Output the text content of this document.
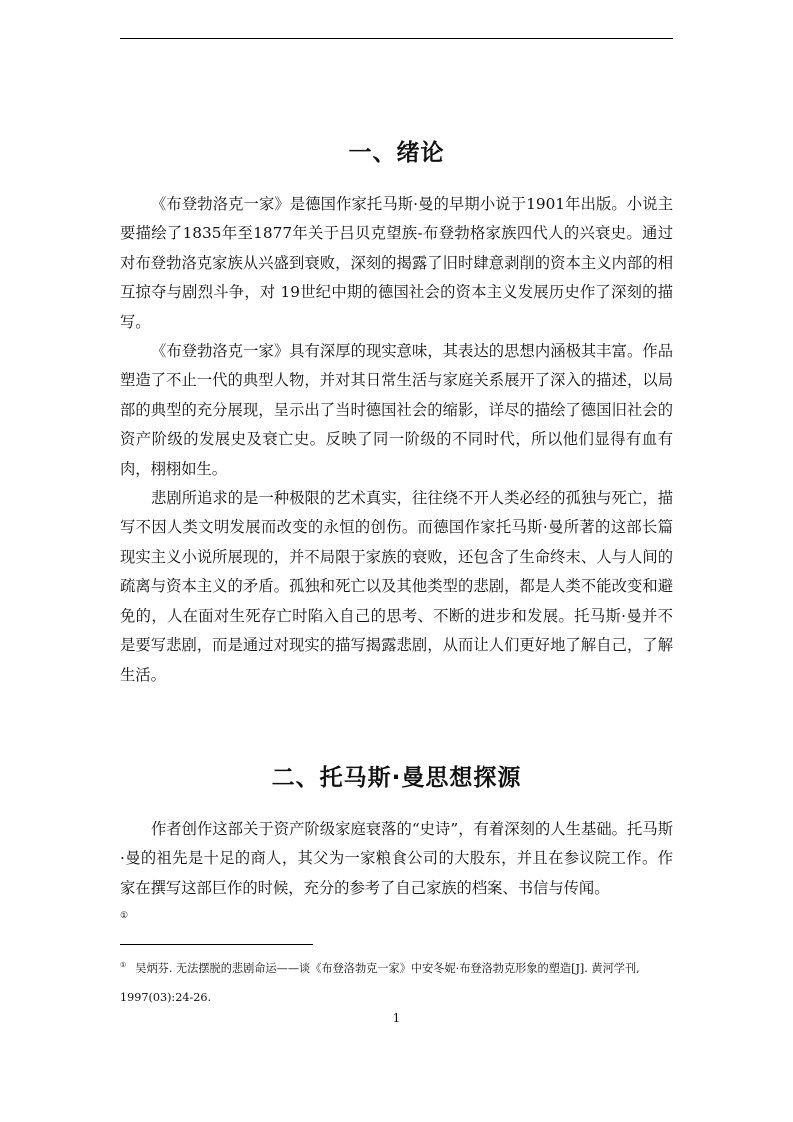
一、绪论

《布登勃洛克一家》是德国作家托马斯·曼的早期小说于1901年出版。小说主要描绘了1835年至1877年关于吕贝克望族-布登勃格家族四代人的兴衰史。通过对布登勃洛克家族从兴盛到衰败，深刻的揭露了旧时肆意剥削的资本主义内部的相互掠夺与剧烈斗争，对 19世纪中期的德国社会的资本主义发展历史作了深刻的描写。

《布登勃洛克一家》具有深厚的现实意味，其表达的思想内涵极其丰富。作品塑造了不止一代的典型人物，并对其日常生活与家庭关系展开了深入的描述，以局部的典型的充分展现，呈示出了当时德国社会的缩影，详尽的描绘了德国旧社会的资产阶级的发展史及衰亡史。反映了同一阶级的不同时代，所以他们显得有血有肉，栩栩如生。

悲剧所追求的是一种极限的艺术真实，往往绕不开人类必经的孤独与死亡，描写不因人类文明发展而改变的永恒的创伤。而德国作家托马斯·曼所著的这部长篇现实主义小说所展现的，并不局限于家族的衰败，还包含了生命终末、人与人间的疏离与资本主义的矛盾。孤独和死亡以及其他类型的悲剧，都是人类不能改变和避免的，人在面对生死存亡时陷入自己的思考、不断的进步和发展。托马斯·曼并不是要写悲剧，而是通过对现实的描写揭露悲剧，从而让人们更好地了解自己，了解生活。

二、托马斯·曼思想探源

作者创作这部关于资产阶级家庭衰落的“史诗”，有着深刻的人生基础。托马斯·曼的祖先是十足的商人，其父为一家粮食公司的大股东，并且在参议院工作。作家在撰写这部巨作的时候，充分的参考了自己家族的档案、书信与传闻。

①

① 吴炳芬. 无法摆脱的悲剧命运——谈《布登洛勃克一家》中安冬妮·布登洛勃克形象的塑造[J]. 黄河学刊, 1997(03):24-26.

1
